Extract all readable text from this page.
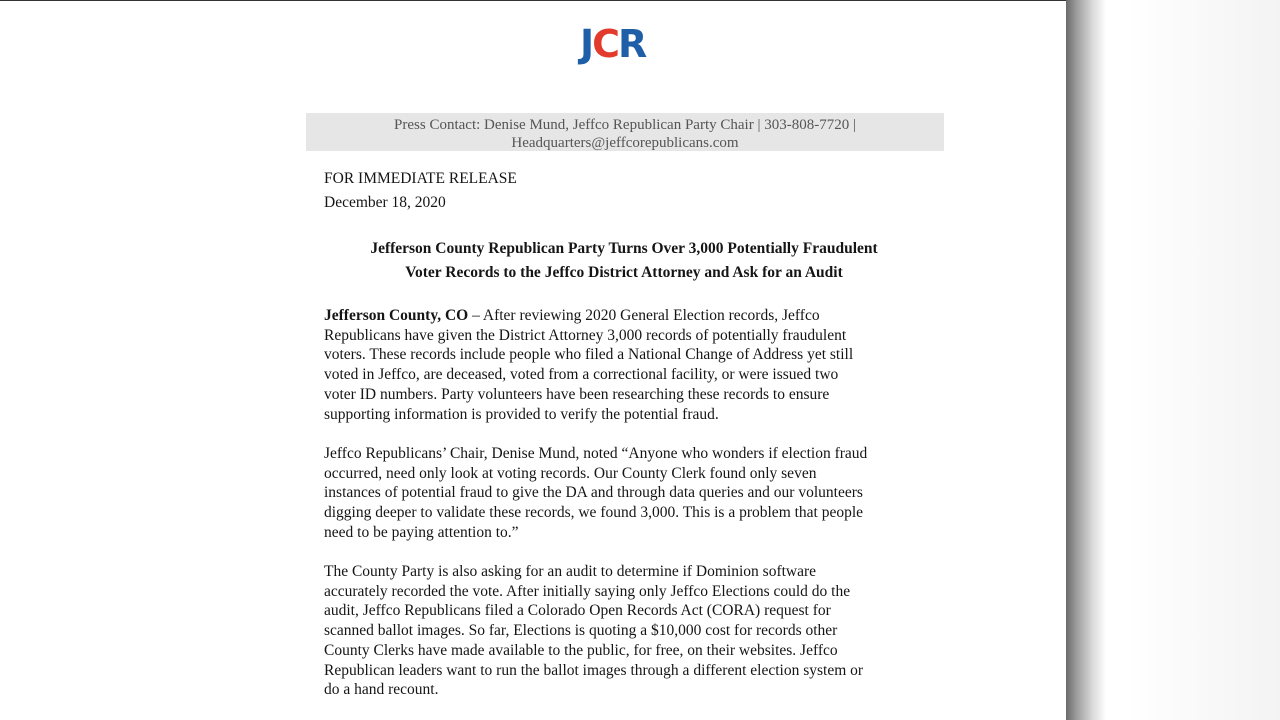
JCR
Press Contact: Denise Mund, Jeffco Republican Party Chair | 303-808-7720 |
Headquarters@jeffcorepublicans.com
FOR IMMEDIATE RELEASE
December 18, 2020
Jefferson County Republican Party Turns Over 3,000 Potentially Fraudulent
Voter Records to the Jeffco District Attorney and Ask for an Audit
Jefferson County, CO – After reviewing 2020 General Election records, Jeffco
Republicans have given the District Attorney 3,000 records of potentially fraudulent
voters. These records include people who filed a National Change of Address yet still
voted in Jeffco, are deceased, voted from a correctional facility, or were issued two
voter ID numbers. Party volunteers have been researching these records to ensure
supporting information is provided to verify the potential fraud.
Jeffco Republicans’ Chair, Denise Mund, noted “Anyone who wonders if election fraud
occurred, need only look at voting records. Our County Clerk found only seven
instances of potential fraud to give the DA and through data queries and our volunteers
digging deeper to validate these records, we found 3,000. This is a problem that people
need to be paying attention to.”
The County Party is also asking for an audit to determine if Dominion software
accurately recorded the vote. After initially saying only Jeffco Elections could do the
audit, Jeffco Republicans filed a Colorado Open Records Act (CORA) request for
scanned ballot images. So far, Elections is quoting a $10,000 cost for records other
County Clerks have made available to the public, for free, on their websites. Jeffco
Republican leaders want to run the ballot images through a different election system or
do a hand recount.
